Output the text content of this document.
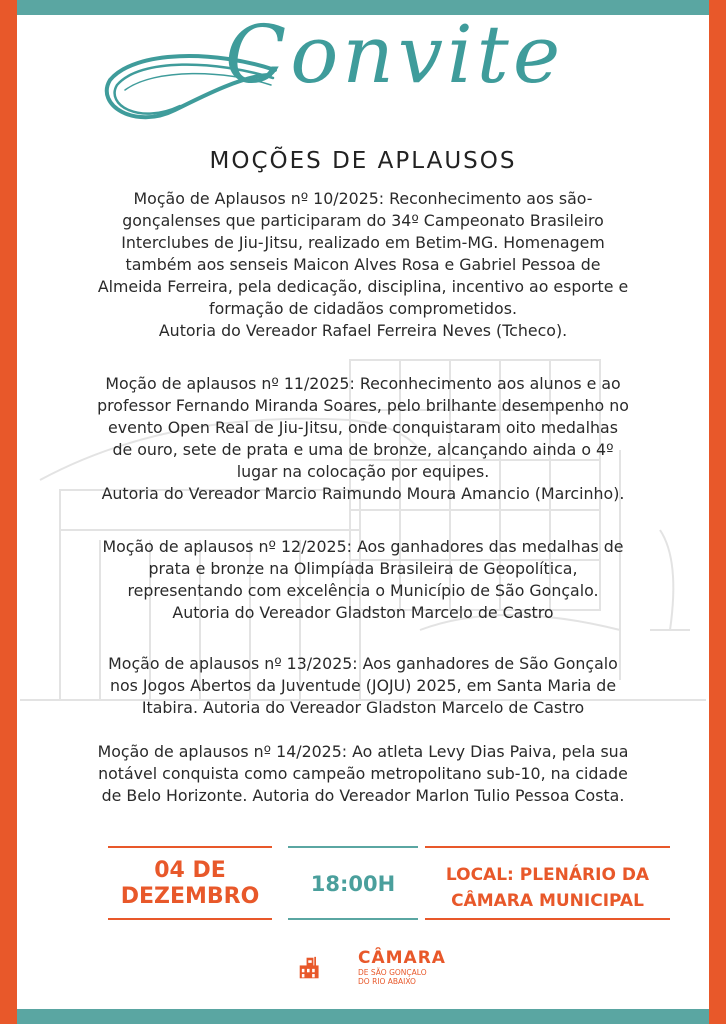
Convite
MOÇÕES DE APLAUSOS

Moção de Aplausos nº 10/2025: Reconhecimento aos são-

gonçalenses que participaram do 34º Campeonato Brasileiro

Interclubes de Jiu-Jitsu, realizado em Betim-MG. Homenagem

também aos senseis Maicon Alves Rosa e Gabriel Pessoa de

Almeida Ferreira, pela dedicação, disciplina, incentivo ao esporte e

formação de cidadãos comprometidos.

Autoria do Vereador Rafael Ferreira Neves (Tcheco).

Moção de aplausos nº 11/2025: Reconhecimento aos alunos e ao

professor Fernando Miranda Soares, pelo brilhante desempenho no

evento Open Real de Jiu-Jitsu, onde conquistaram oito medalhas

de ouro, sete de prata e uma de bronze, alcançando ainda o 4º

lugar na colocação por equipes.

Autoria do Vereador Marcio Raimundo Moura Amancio (Marcinho).

Moção de aplausos nº 12/2025: Aos ganhadores das medalhas de

prata e bronze na Olimpíada Brasileira de Geopolítica,

representando com excelência o Município de São Gonçalo.

Autoria do Vereador Gladston Marcelo de Castro

Moção de aplausos nº 13/2025: Aos ganhadores de São Gonçalo

nos Jogos Abertos da Juventude (JOJU) 2025, em Santa Maria de

Itabira. Autoria do Vereador Gladston Marcelo de Castro

Moção de aplausos nº 14/2025: Ao atleta Levy Dias Paiva, pela sua

notável conquista como campeão metropolitano sub-10, na cidade

de Belo Horizonte. Autoria do Vereador Marlon Tulio Pessoa Costa.

04 DE
DEZEMBRO	18:00H	LOCAL: PLENÁRIO DA
CÂMARA MUNICIPAL
CÂMARA
DE SÃO GONÇALO
DO RIO ABAIXO
